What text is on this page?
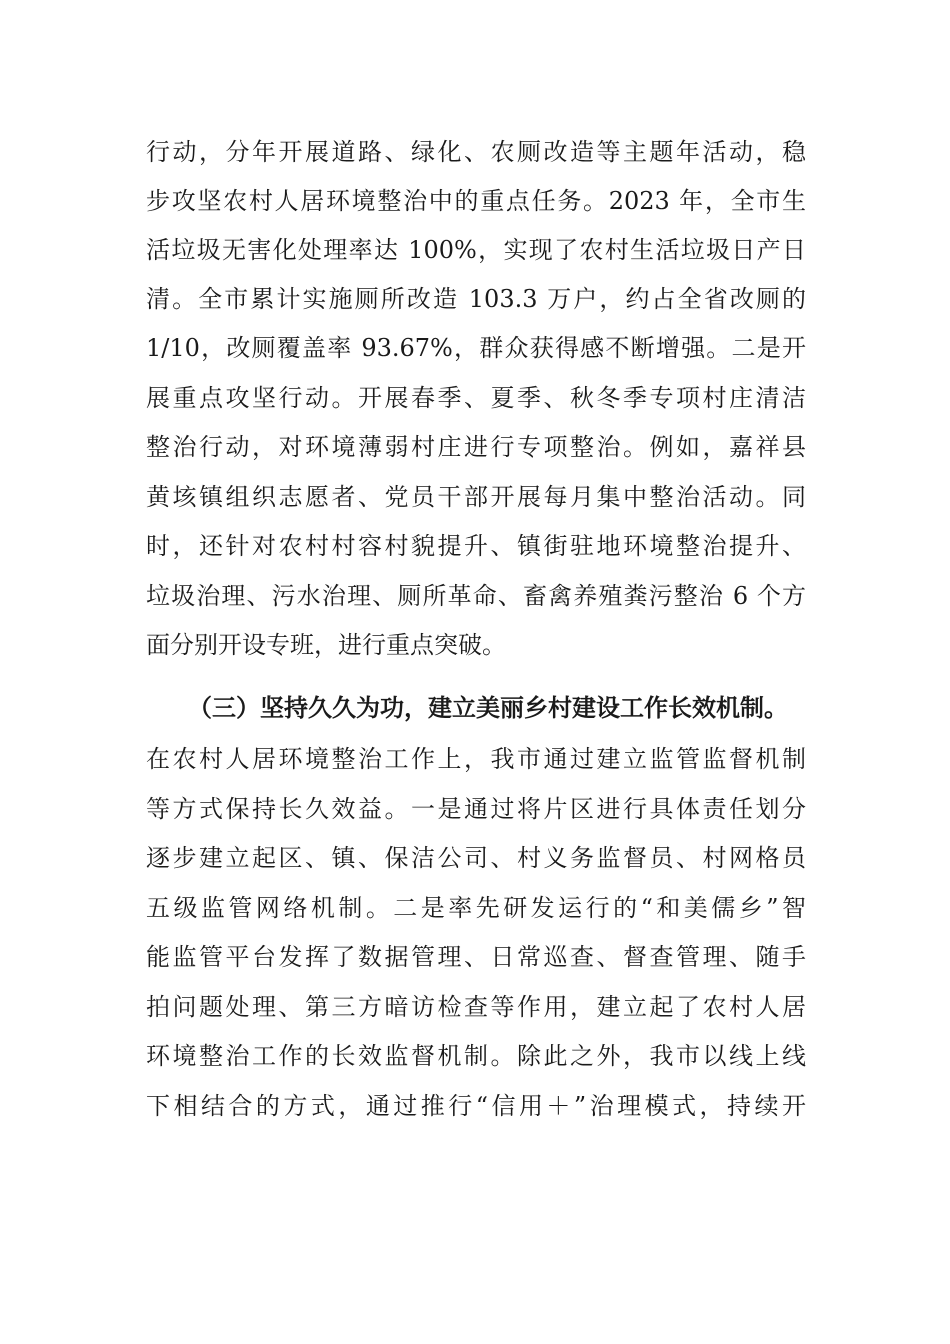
行动，分年开展道路、绿化、农厕改造等主题年活动，稳
步攻坚农村人居环境整治中的重点任务。2023 年，全市生
活垃圾无害化处理率达 100%，实现了农村生活垃圾日产日
清。全市累计实施厕所改造 103.3 万户，约占全省改厕的
1/10，改厕覆盖率 93.67%，群众获得感不断增强。二是开
展重点攻坚行动。开展春季、夏季、秋冬季专项村庄清洁
整治行动，对环境薄弱村庄进行专项整治。例如，嘉祥县
黄垓镇组织志愿者、党员干部开展每月集中整治活动。同
时，还针对农村村容村貌提升、镇街驻地环境整治提升、
垃圾治理、污水治理、厕所革命、畜禽养殖粪污整治 6 个方
面分别开设专班，进行重点突破。
（三）坚持久久为功，建立美丽乡村建设工作长效机制。
在农村人居环境整治工作上，我市通过建立监管监督机制
等方式保持长久效益。一是通过将片区进行具体责任划分
逐步建立起区、镇、保洁公司、村义务监督员、村网格员
五级监管网络机制。二是率先研发运行的“和美儒乡”智
能监管平台发挥了数据管理、日常巡查、督查管理、随手
拍问题处理、第三方暗访检查等作用，建立起了农村人居
环境整治工作的长效监督机制。除此之外，我市以线上线
下相结合的方式，通过推行“信用＋”治理模式，持续开
